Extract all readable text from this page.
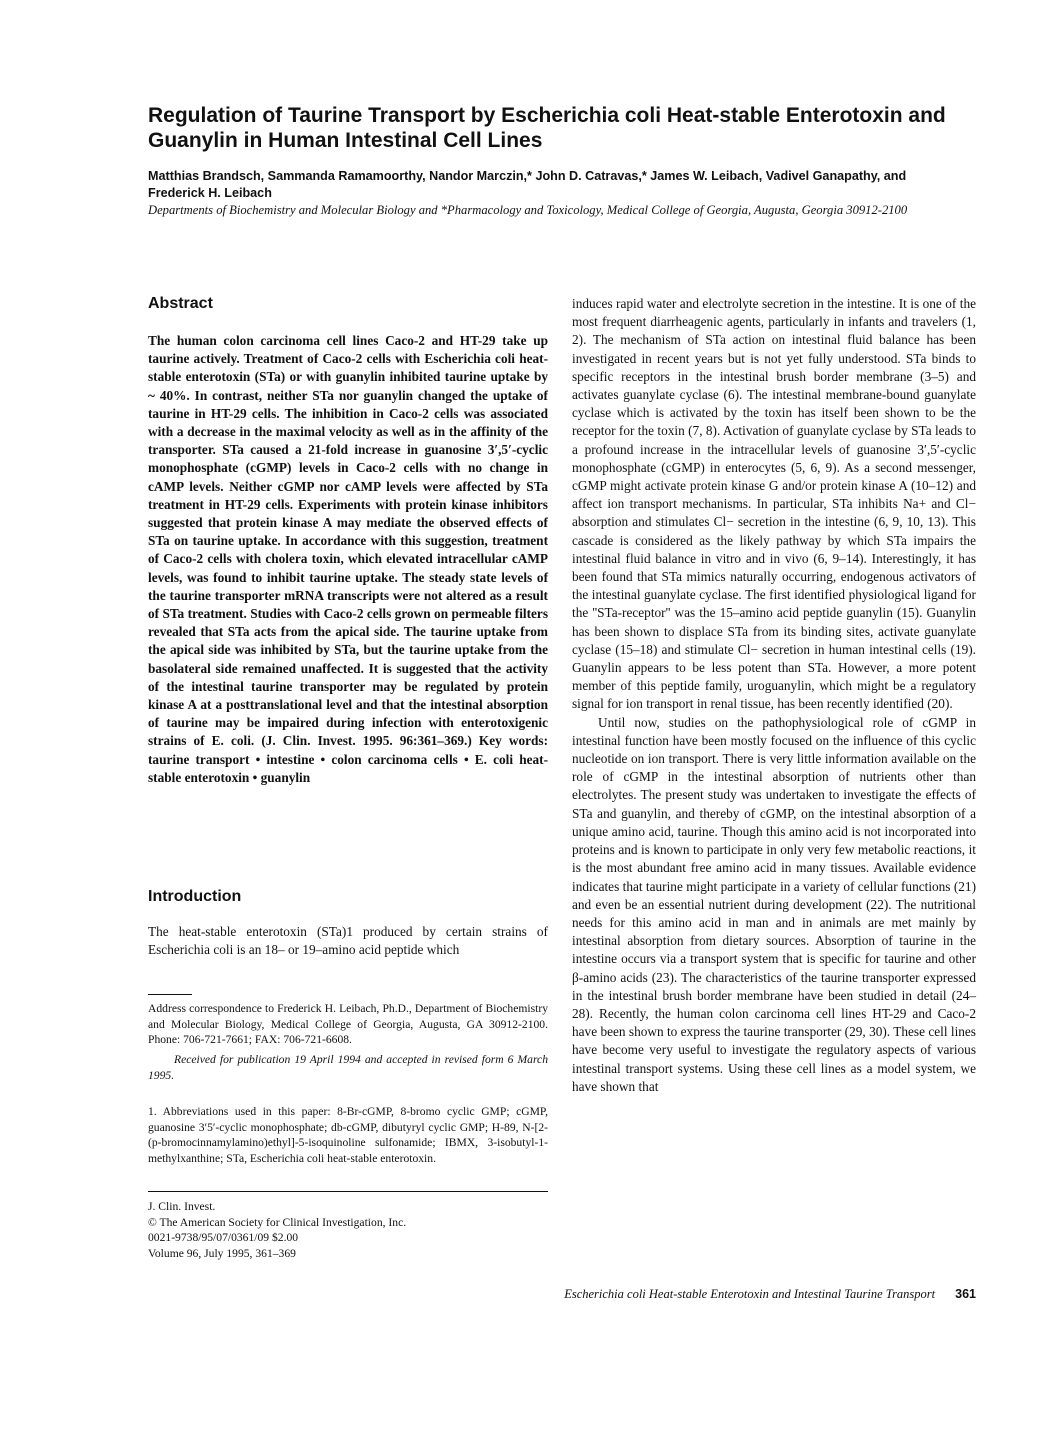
Regulation of Taurine Transport by Escherichia coli Heat-stable Enterotoxin and Guanylin in Human Intestinal Cell Lines

Matthias Brandsch, Sammanda Ramamoorthy, Nandor Marczin,* John D. Catravas,* James W. Leibach, Vadivel Ganapathy, and Frederick H. Leibach

Departments of Biochemistry and Molecular Biology and *Pharmacology and Toxicology, Medical College of Georgia, Augusta, Georgia 30912-2100

Abstract

The human colon carcinoma cell lines Caco-2 and HT-29 take up taurine actively. Treatment of Caco-2 cells with Escherichia coli heat-stable enterotoxin (STa) or with guanylin inhibited taurine uptake by ~ 40%. In contrast, neither STa nor guanylin changed the uptake of taurine in HT-29 cells. The inhibition in Caco-2 cells was associated with a decrease in the maximal velocity as well as in the affinity of the transporter. STa caused a 21-fold increase in guanosine 3′,5′-cyclic monophosphate (cGMP) levels in Caco-2 cells with no change in cAMP levels. Neither cGMP nor cAMP levels were affected by STa treatment in HT-29 cells. Experiments with protein kinase inhibitors suggested that protein kinase A may mediate the observed effects of STa on taurine uptake. In accordance with this suggestion, treatment of Caco-2 cells with cholera toxin, which elevated intracellular cAMP levels, was found to inhibit taurine uptake. The steady state levels of the taurine transporter mRNA transcripts were not altered as a result of STa treatment. Studies with Caco-2 cells grown on permeable filters revealed that STa acts from the apical side. The taurine uptake from the apical side was inhibited by STa, but the taurine uptake from the basolateral side remained unaffected. It is suggested that the activity of the intestinal taurine transporter may be regulated by protein kinase A at a posttranslational level and that the intestinal absorption of taurine may be impaired during infection with enterotoxigenic strains of E. coli. (J. Clin. Invest. 1995. 96:361–369.) Key words: taurine transport • intestine • colon carcinoma cells • E. coli heat-stable enterotoxin • guanylin

Introduction

The heat-stable enterotoxin (STa)1 produced by certain strains of Escherichia coli is an 18– or 19–amino acid peptide which

Address correspondence to Frederick H. Leibach, Ph.D., Department of Biochemistry and Molecular Biology, Medical College of Georgia, Augusta, GA 30912-2100. Phone: 706-721-7661; FAX: 706-721-6608.

Received for publication 19 April 1994 and accepted in revised form 6 March 1995.

1. Abbreviations used in this paper: 8-Br-cGMP, 8-bromo cyclic GMP; cGMP, guanosine 3′5′-cyclic monophosphate; db-cGMP, dibutyryl cyclic GMP; H-89, N-[2-(p-bromocinnamylamino)ethyl]-5-isoquinoline sulfonamide; IBMX, 3-isobutyl-1-methylxanthine; STa, Escherichia coli heat-stable enterotoxin.

J. Clin. Invest.
© The American Society for Clinical Investigation, Inc.
0021-9738/95/07/0361/09 $2.00
Volume 96, July 1995, 361–369

induces rapid water and electrolyte secretion in the intestine. It is one of the most frequent diarrheagenic agents, particularly in infants and travelers (1, 2). The mechanism of STa action on intestinal fluid balance has been investigated in recent years but is not yet fully understood. STa binds to specific receptors in the intestinal brush border membrane (3–5) and activates guanylate cyclase (6). The intestinal membrane-bound guanylate cyclase which is activated by the toxin has itself been shown to be the receptor for the toxin (7, 8). Activation of guanylate cyclase by STa leads to a profound increase in the intracellular levels of guanosine 3′,5′-cyclic monophosphate (cGMP) in enterocytes (5, 6, 9). As a second messenger, cGMP might activate protein kinase G and/or protein kinase A (10–12) and affect ion transport mechanisms. In particular, STa inhibits Na+ and Cl− absorption and stimulates Cl− secretion in the intestine (6, 9, 10, 13). This cascade is considered as the likely pathway by which STa impairs the intestinal fluid balance in vitro and in vivo (6, 9–14). Interestingly, it has been found that STa mimics naturally occurring, endogenous activators of the intestinal guanylate cyclase. The first identified physiological ligand for the ''STa-receptor'' was the 15–amino acid peptide guanylin (15). Guanylin has been shown to displace STa from its binding sites, activate guanylate cyclase (15–18) and stimulate Cl− secretion in human intestinal cells (19). Guanylin appears to be less potent than STa. However, a more potent member of this peptide family, uroguanylin, which might be a regulatory signal for ion transport in renal tissue, has been recently identified (20).

Until now, studies on the pathophysiological role of cGMP in intestinal function have been mostly focused on the influence of this cyclic nucleotide on ion transport. There is very little information available on the role of cGMP in the intestinal absorption of nutrients other than electrolytes. The present study was undertaken to investigate the effects of STa and guanylin, and thereby of cGMP, on the intestinal absorption of a unique amino acid, taurine. Though this amino acid is not incorporated into proteins and is known to participate in only very few metabolic reactions, it is the most abundant free amino acid in many tissues. Available evidence indicates that taurine might participate in a variety of cellular functions (21) and even be an essential nutrient during development (22). The nutritional needs for this amino acid in man and in animals are met mainly by intestinal absorption from dietary sources. Absorption of taurine in the intestine occurs via a transport system that is specific for taurine and other β-amino acids (23). The characteristics of the taurine transporter expressed in the intestinal brush border membrane have been studied in detail (24–28). Recently, the human colon carcinoma cell lines HT-29 and Caco-2 have been shown to express the taurine transporter (29, 30). These cell lines have become very useful to investigate the regulatory aspects of various intestinal transport systems. Using these cell lines as a model system, we have shown that

Escherichia coli Heat-stable Enterotoxin and Intestinal Taurine Transport 361
